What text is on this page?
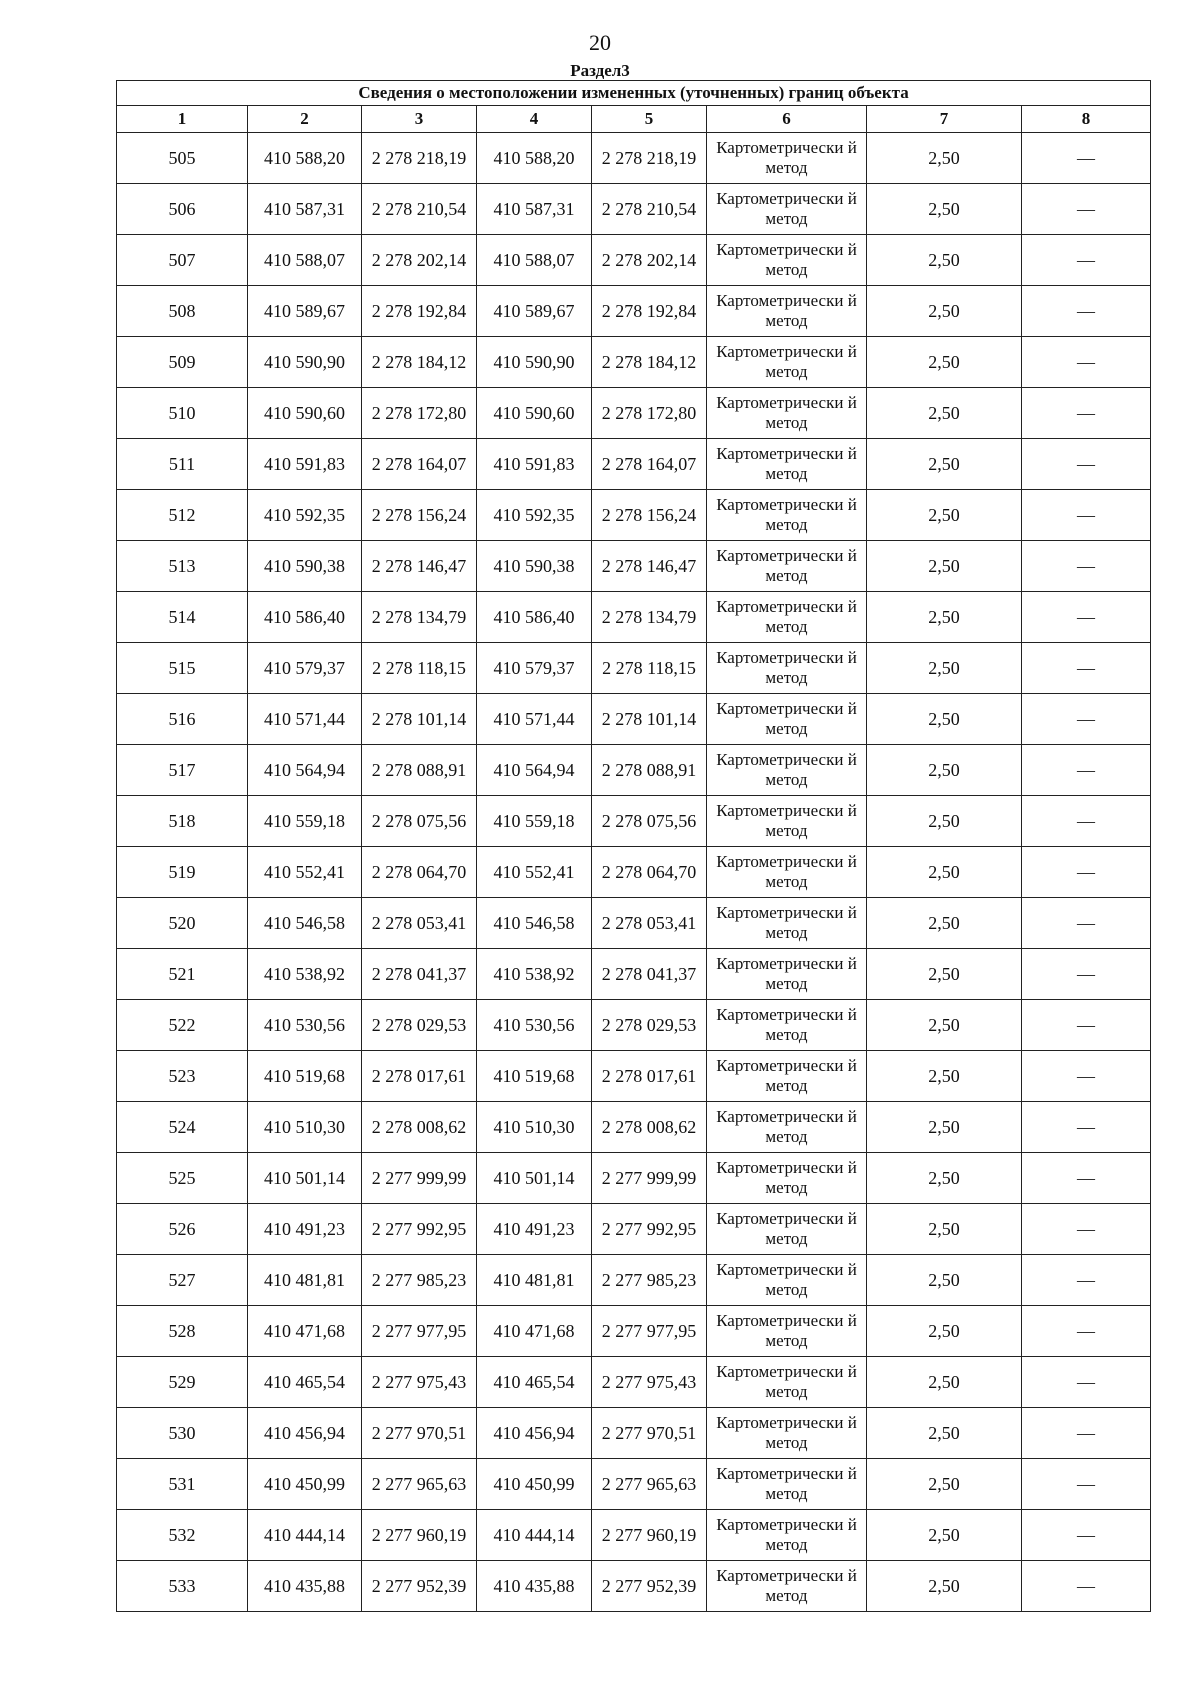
20
Раздел3
Сведения о местоположении измененных (уточненных) границ объекта							
1	2	3	4	5	6	7	8
505	410 588,20	2 278 218,19	410 588,20	2 278 218,19	Картометрически й метод	2,50	—
506	410 587,31	2 278 210,54	410 587,31	2 278 210,54	Картометрически й метод	2,50	—
507	410 588,07	2 278 202,14	410 588,07	2 278 202,14	Картометрически й метод	2,50	—
508	410 589,67	2 278 192,84	410 589,67	2 278 192,84	Картометрически й метод	2,50	—
509	410 590,90	2 278 184,12	410 590,90	2 278 184,12	Картометрически й метод	2,50	—
510	410 590,60	2 278 172,80	410 590,60	2 278 172,80	Картометрически й метод	2,50	—
511	410 591,83	2 278 164,07	410 591,83	2 278 164,07	Картометрически й метод	2,50	—
512	410 592,35	2 278 156,24	410 592,35	2 278 156,24	Картометрически й метод	2,50	—
513	410 590,38	2 278 146,47	410 590,38	2 278 146,47	Картометрически й метод	2,50	—
514	410 586,40	2 278 134,79	410 586,40	2 278 134,79	Картометрически й метод	2,50	—
515	410 579,37	2 278 118,15	410 579,37	2 278 118,15	Картометрически й метод	2,50	—
516	410 571,44	2 278 101,14	410 571,44	2 278 101,14	Картометрически й метод	2,50	—
517	410 564,94	2 278 088,91	410 564,94	2 278 088,91	Картометрически й метод	2,50	—
518	410 559,18	2 278 075,56	410 559,18	2 278 075,56	Картометрически й метод	2,50	—
519	410 552,41	2 278 064,70	410 552,41	2 278 064,70	Картометрически й метод	2,50	—
520	410 546,58	2 278 053,41	410 546,58	2 278 053,41	Картометрически й метод	2,50	—
521	410 538,92	2 278 041,37	410 538,92	2 278 041,37	Картометрически й метод	2,50	—
522	410 530,56	2 278 029,53	410 530,56	2 278 029,53	Картометрически й метод	2,50	—
523	410 519,68	2 278 017,61	410 519,68	2 278 017,61	Картометрически й метод	2,50	—
524	410 510,30	2 278 008,62	410 510,30	2 278 008,62	Картометрически й метод	2,50	—
525	410 501,14	2 277 999,99	410 501,14	2 277 999,99	Картометрически й метод	2,50	—
526	410 491,23	2 277 992,95	410 491,23	2 277 992,95	Картометрически й метод	2,50	—
527	410 481,81	2 277 985,23	410 481,81	2 277 985,23	Картометрически й метод	2,50	—
528	410 471,68	2 277 977,95	410 471,68	2 277 977,95	Картометрически й метод	2,50	—
529	410 465,54	2 277 975,43	410 465,54	2 277 975,43	Картометрически й метод	2,50	—
530	410 456,94	2 277 970,51	410 456,94	2 277 970,51	Картометрически й метод	2,50	—
531	410 450,99	2 277 965,63	410 450,99	2 277 965,63	Картометрически й метод	2,50	—
532	410 444,14	2 277 960,19	410 444,14	2 277 960,19	Картометрически й метод	2,50	—
533	410 435,88	2 277 952,39	410 435,88	2 277 952,39	Картометрически й метод	2,50	—
